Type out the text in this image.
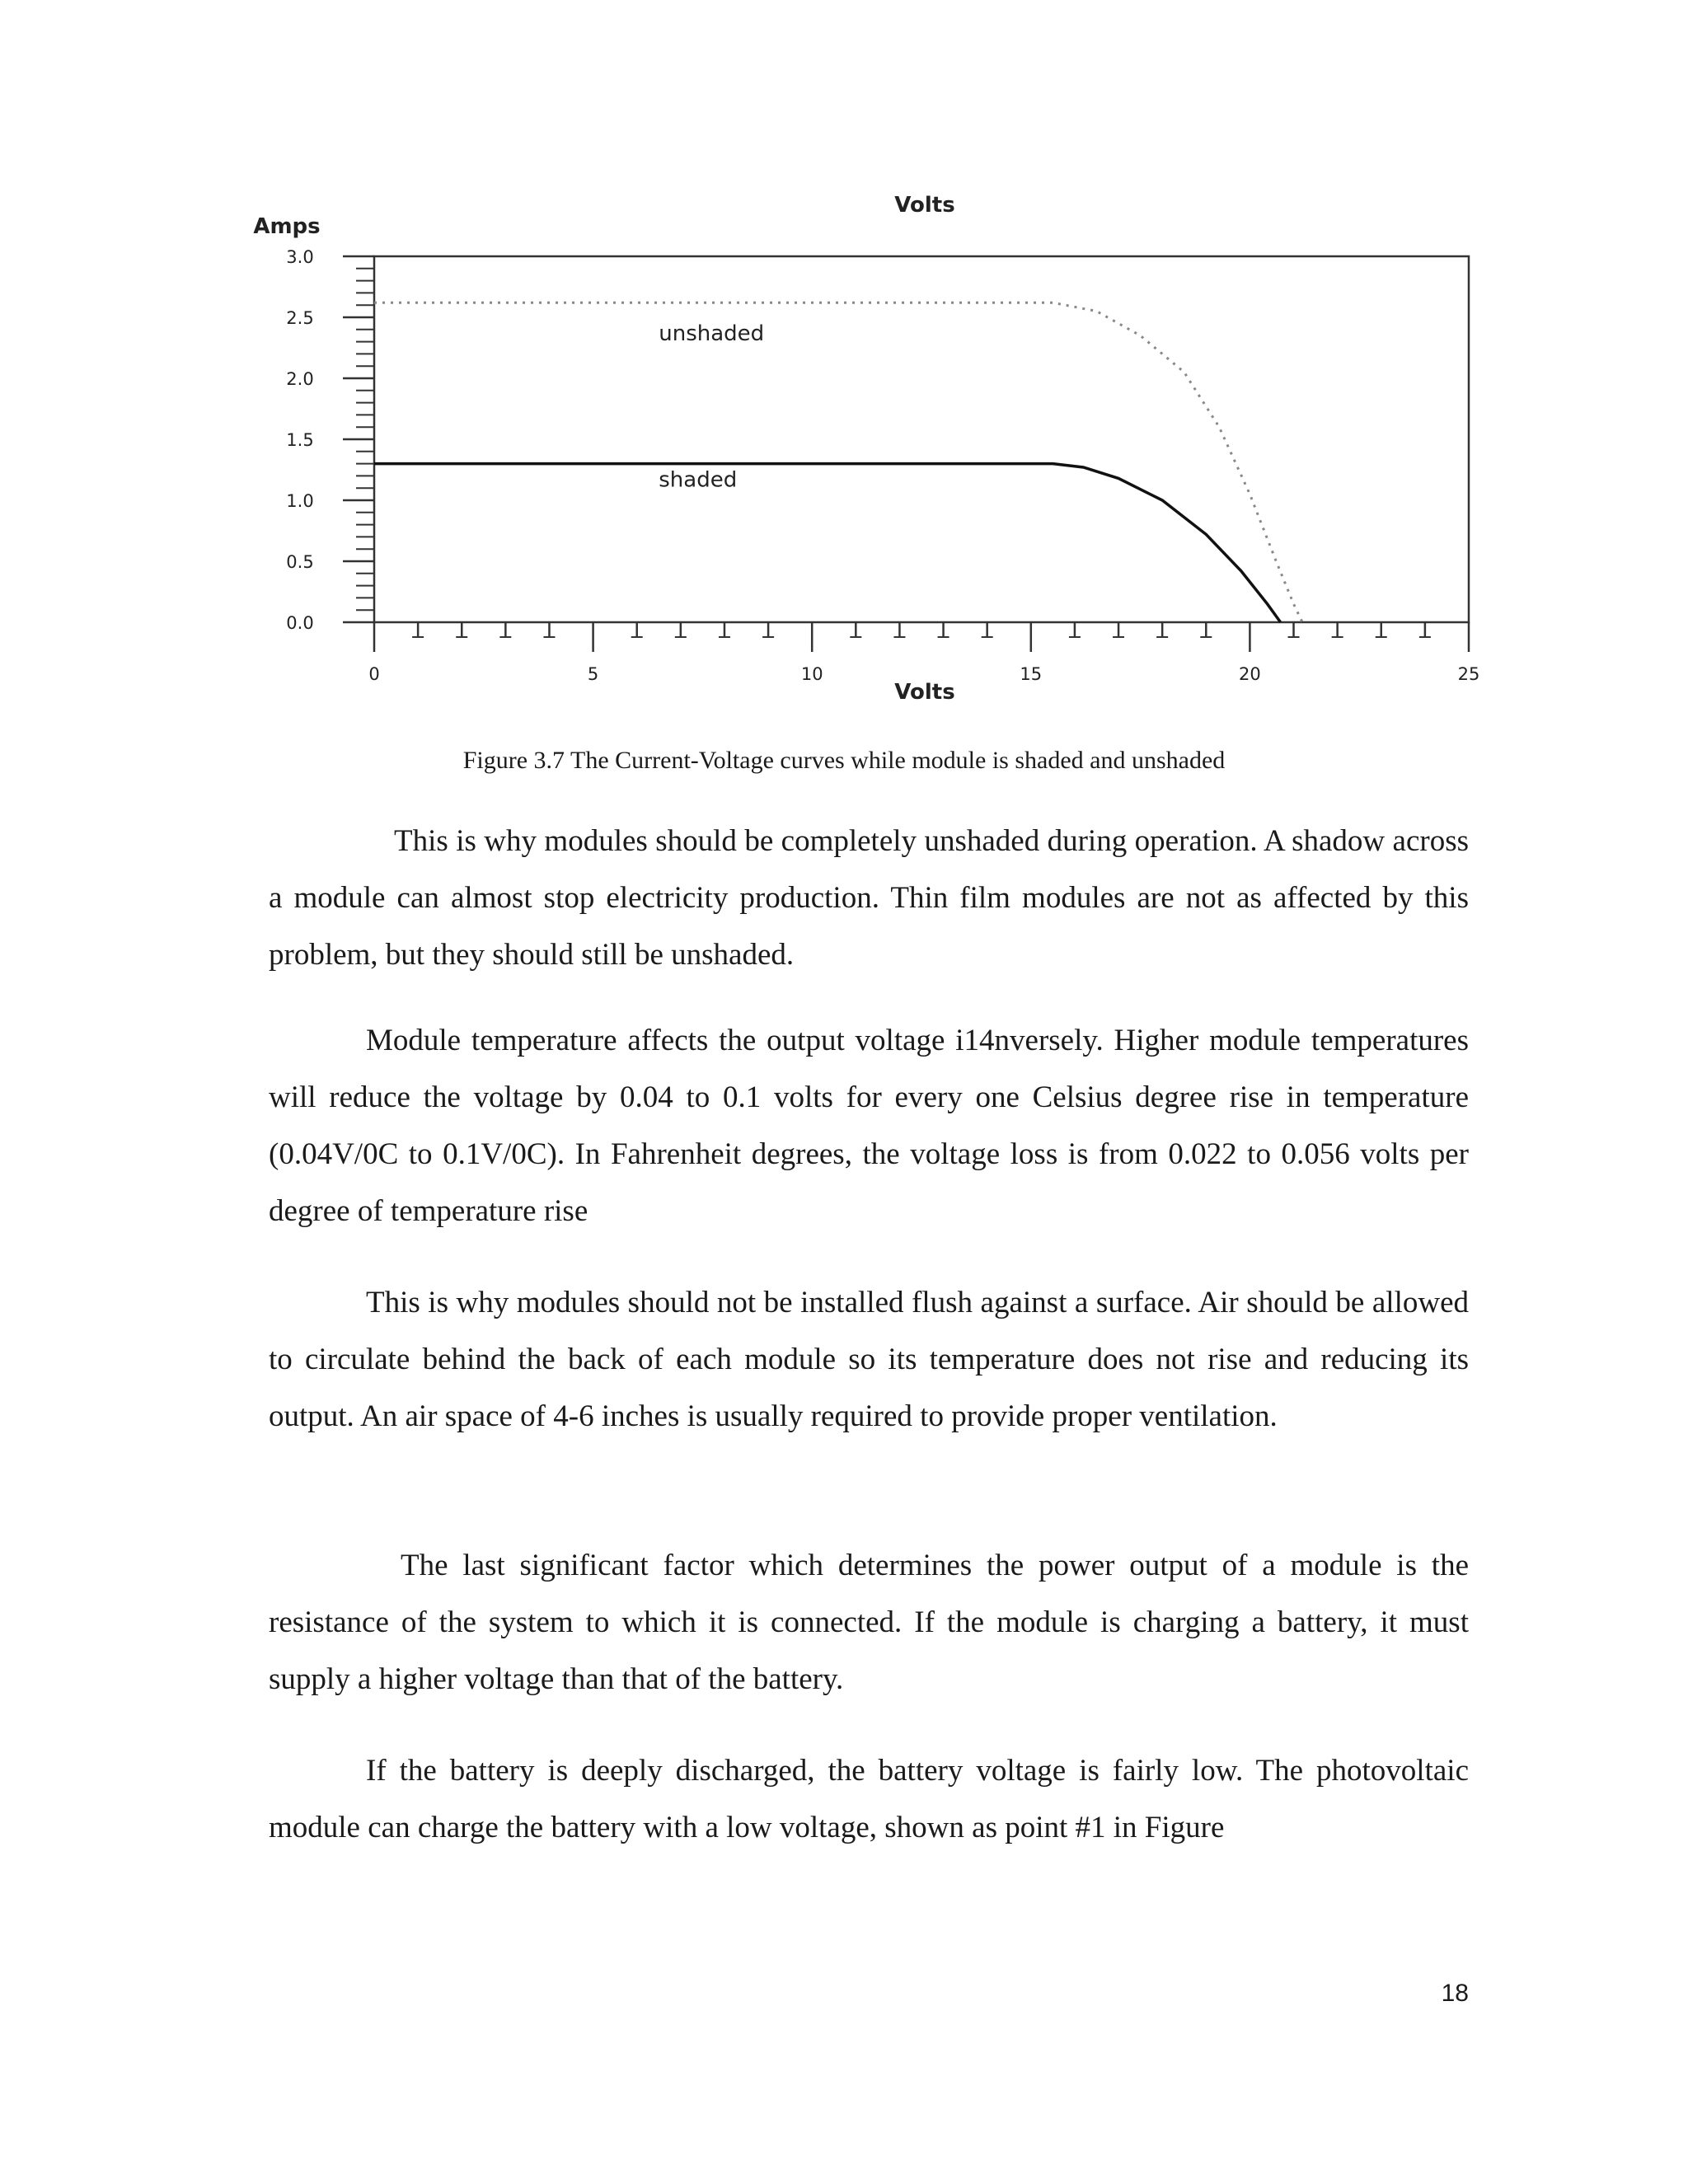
Volts
Amps
Volts
0.0
0.5
1.0
1.5
2.0
2.5
3.0
0	5	10	15	20	25
unshaded
shaded
Figure 3.7 The Current-Voltage curves while module is shaded and unshaded

This is why modules should be completely unshaded during operation. A shadow across a module can almost stop electricity production. Thin film modules are not as affected by this problem, but they should still be unshaded.

Module temperature affects the output voltage i14nversely. Higher module temperatures will reduce the voltage by 0.04 to 0.1 volts for every one Celsius degree rise in temperature (0.04V/0C to 0.1V/0C). In Fahrenheit degrees, the voltage loss is from 0.022 to 0.056 volts per degree of temperature rise

This is why modules should not be installed flush against a surface. Air should be allowed to circulate behind the back of each module so its temperature does not rise and reducing its output. An air space of 4-6 inches is usually required to provide proper ventilation.

The last significant factor which determines the power output of a module is the resistance of the system to which it is connected. If the module is charging a battery, it must supply a higher voltage than that of the battery.

If the battery is deeply discharged, the battery voltage is fairly low. The photovoltaic module can charge the battery with a low voltage, shown as point #1 in Figure

18
